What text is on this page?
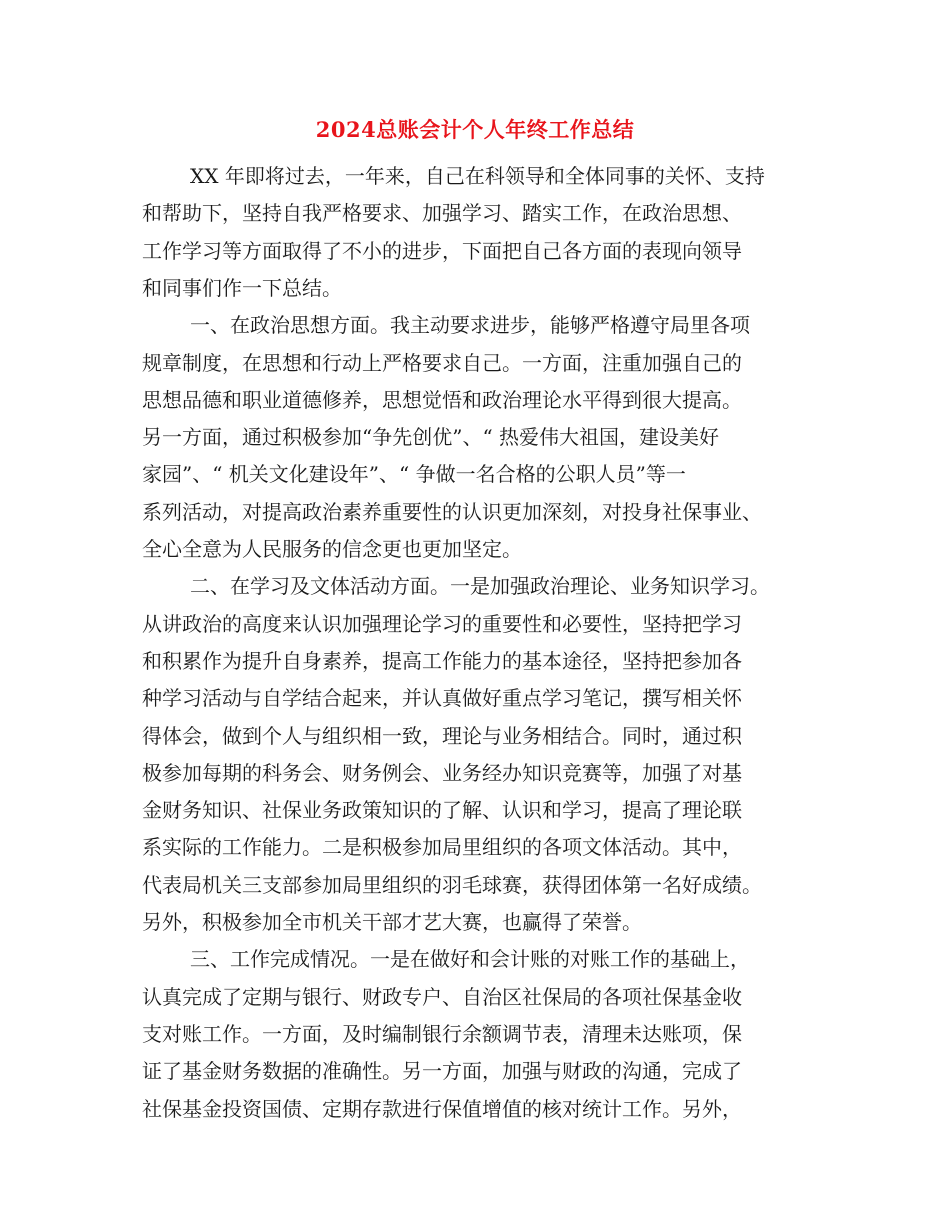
2024总账会计个人年终工作总结
XX 年即将过去，一年来，自己在科领导和全体同事的关怀、支持
和帮助下，坚持自我严格要求、加强学习、踏实工作，在政治思想、
工作学习等方面取得了不小的进步，下面把自己各方面的表现向领导
和同事们作一下总结。
一、在政治思想方面。我主动要求进步，能够严格遵守局里各项
规章制度，在思想和行动上严格要求自己。一方面，注重加强自己的
思想品德和职业道德修养，思想觉悟和政治理论水平得到很大提高。
另一方面，通过积极参加“争先创优”、“ 热爱伟大祖国，建设美好
家园”、“ 机关文化建设年”、“ 争做一名合格的公职人员”等一
系列活动，对提高政治素养重要性的认识更加深刻，对投身社保事业、
全心全意为人民服务的信念更也更加坚定。
二、在学习及文体活动方面。一是加强政治理论、业务知识学习。
从讲政治的高度来认识加强理论学习的重要性和必要性，坚持把学习
和积累作为提升自身素养，提高工作能力的基本途径，坚持把参加各
种学习活动与自学结合起来，并认真做好重点学习笔记，撰写相关怀
得体会，做到个人与组织相一致，理论与业务相结合。同时，通过积
极参加每期的科务会、财务例会、业务经办知识竞赛等，加强了对基
金财务知识、社保业务政策知识的了解、认识和学习，提高了理论联
系实际的工作能力。二是积极参加局里组织的各项文体活动。其中，
代表局机关三支部参加局里组织的羽毛球赛，获得团体第一名好成绩。
另外，积极参加全市机关干部才艺大赛，也赢得了荣誉。
三、工作完成情况。一是在做好和会计账的对账工作的基础上，
认真完成了定期与银行、财政专户、自治区社保局的各项社保基金收
支对账工作。一方面，及时编制银行余额调节表，清理未达账项，保
证了基金财务数据的准确性。另一方面，加强与财政的沟通，完成了
社保基金投资国债、定期存款进行保值增值的核对统计工作。另外，
